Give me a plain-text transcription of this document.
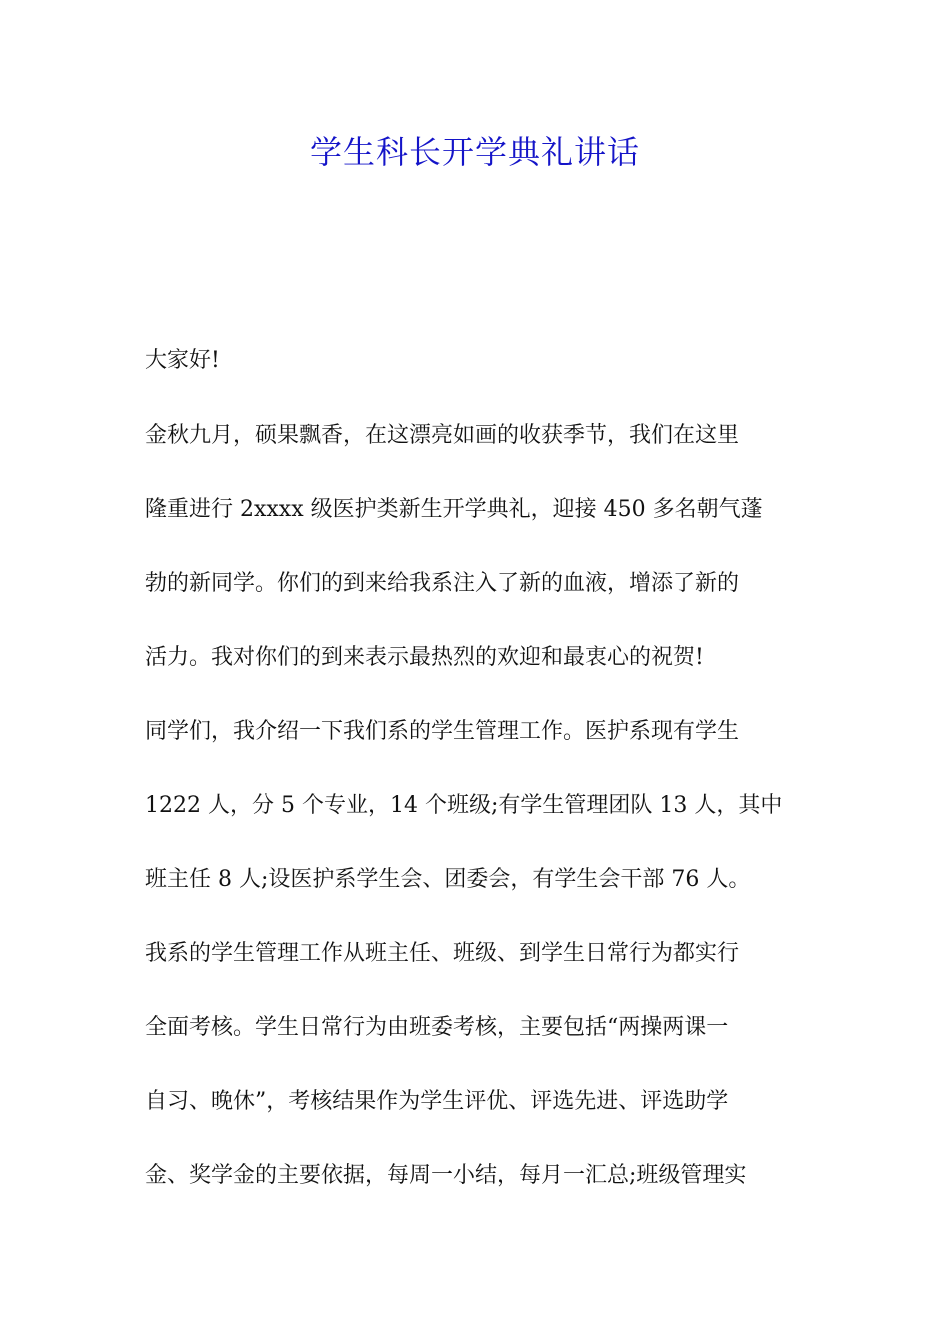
学生科长开学典礼讲话

大家好!

金秋九月，硕果飘香，在这漂亮如画的收获季节，我们在这里

隆重进行 2xxxx 级医护类新生开学典礼，迎接 450 多名朝气蓬

勃的新同学。你们的到来给我系注入了新的血液，增添了新的

活力。我对你们的到来表示最热烈的欢迎和最衷心的祝贺!

同学们，我介绍一下我们系的学生管理工作。医护系现有学生

1222 人，分 5 个专业，14 个班级;有学生管理团队 13 人，其中

班主任 8 人;设医护系学生会、团委会，有学生会干部 76 人。

我系的学生管理工作从班主任、班级、到学生日常行为都实行

全面考核。学生日常行为由班委考核，主要包括“两操两课一

自习、晚休”，考核结果作为学生评优、评选先进、评选助学

金、奖学金的主要依据，每周一小结，每月一汇总;班级管理实
